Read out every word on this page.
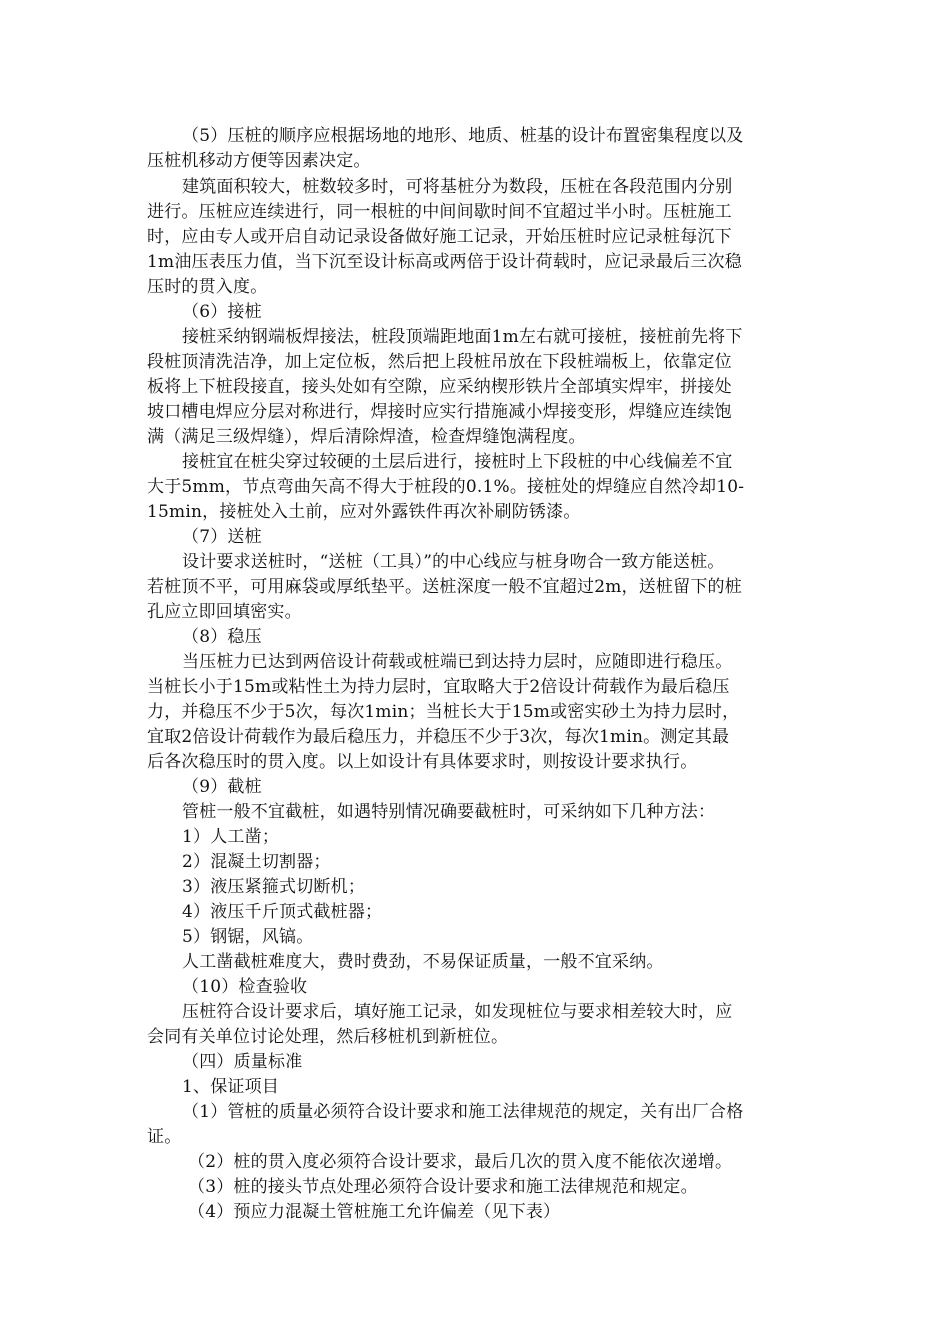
（5）压桩的顺序应根据场地的地形、地质、桩基的设计布置密集程度以及
压桩机移动方便等因素决定。
建筑面积较大，桩数较多时，可将基桩分为数段，压桩在各段范围内分别
进行。压桩应连续进行，同一根桩的中间间歇时间不宜超过半小时。压桩施工
时，应由专人或开启自动记录设备做好施工记录，开始压桩时应记录桩每沉下
1m油压表压力值，当下沉至设计标高或两倍于设计荷载时，应记录最后三次稳
压时的贯入度。
（6）接桩
接桩采纳钢端板焊接法，桩段顶端距地面1m左右就可接桩，接桩前先将下
段桩顶清洗洁净，加上定位板，然后把上段桩吊放在下段桩端板上，依靠定位
板将上下桩段接直，接头处如有空隙，应采纳楔形铁片全部填实焊牢，拼接处
坡口槽电焊应分层对称进行，焊接时应实行措施减小焊接变形，焊缝应连续饱
满（满足三级焊缝），焊后清除焊渣，检查焊缝饱满程度。
接桩宜在桩尖穿过较硬的土层后进行，接桩时上下段桩的中心线偏差不宜
大于5mm，节点弯曲矢高不得大于桩段的0.1%。接桩处的焊缝应自然冷却10-
15min，接桩处入土前，应对外露铁件再次补刷防锈漆。
（7）送桩
设计要求送桩时，“送桩（工具）”的中心线应与桩身吻合一致方能送桩。
若桩顶不平，可用麻袋或厚纸垫平。送桩深度一般不宜超过2m，送桩留下的桩
孔应立即回填密实。
（8）稳压
当压桩力已达到两倍设计荷载或桩端已到达持力层时，应随即进行稳压。
当桩长小于15m或粘性土为持力层时，宜取略大于2倍设计荷载作为最后稳压
力，并稳压不少于5次，每次1min；当桩长大于15m或密实砂土为持力层时，
宜取2倍设计荷载作为最后稳压力，并稳压不少于3次，每次1min。测定其最
后各次稳压时的贯入度。以上如设计有具体要求时，则按设计要求执行。
（9）截桩
管桩一般不宜截桩，如遇特别情况确要截桩时，可采纳如下几种方法：
1）人工凿；
2）混凝土切割器；
3）液压紧箍式切断机；
4）液压千斤顶式截桩器；
5）钢锯，风镐。
人工凿截桩难度大，费时费劲，不易保证质量，一般不宜采纳。
（10）检查验收
压桩符合设计要求后，填好施工记录，如发现桩位与要求相差较大时，应
会同有关单位讨论处理，然后移桩机到新桩位。
（四）质量标准
1、保证项目
（1）管桩的质量必须符合设计要求和施工法律规范的规定，关有出厂合格
证。
（2）桩的贯入度必须符合设计要求，最后几次的贯入度不能依次递增。
（3）桩的接头节点处理必须符合设计要求和施工法律规范和规定。
（4）预应力混凝土管桩施工允许偏差（见下表）
